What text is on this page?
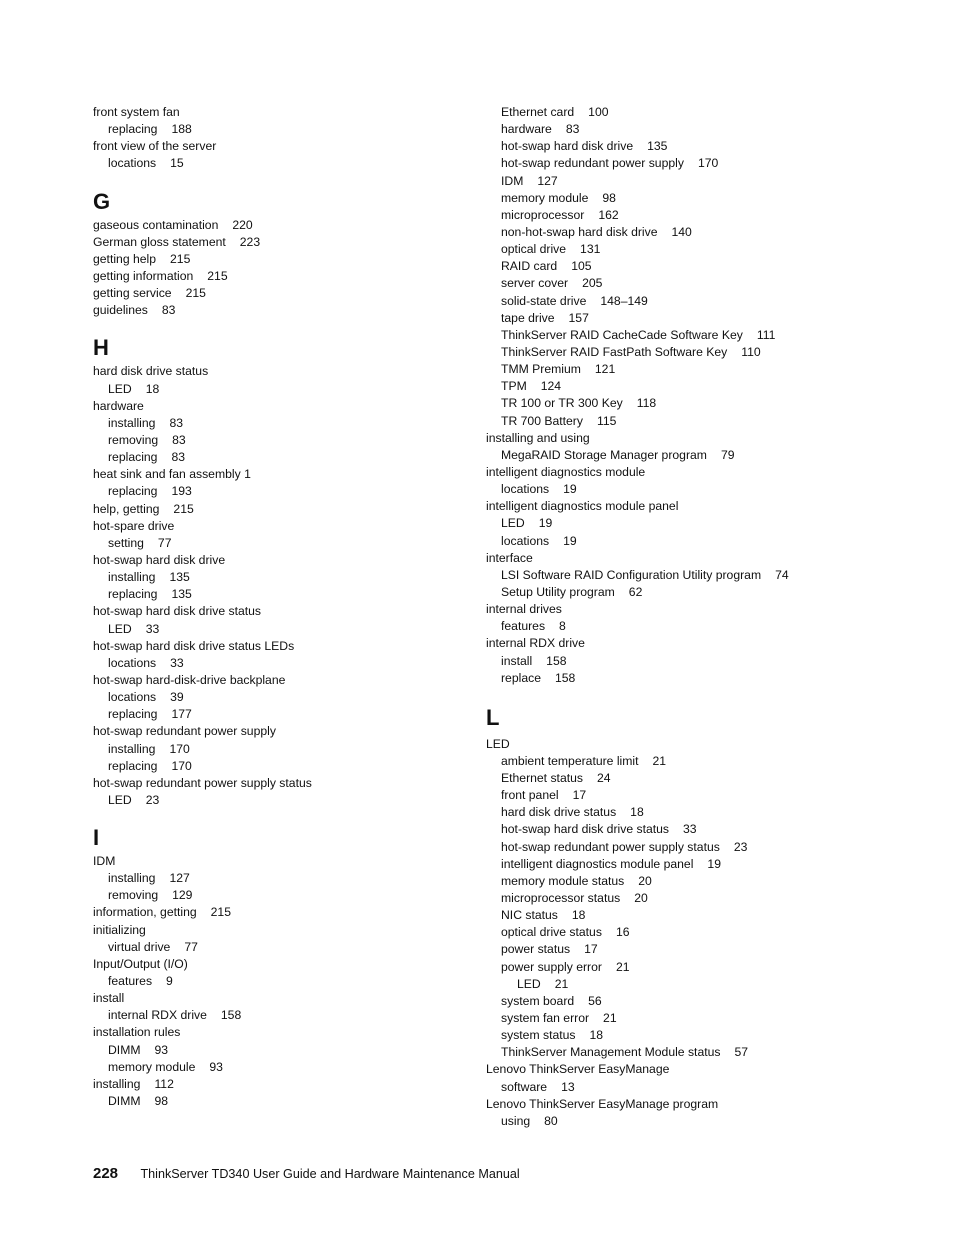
front system fan
replacing 188
front view of the server
locations 15
G
gaseous contamination 220
German gloss statement 223
getting help 215
getting information 215
getting service 215
guidelines 83
H
hard disk drive status
LED 18
hardware
installing 83
removing 83
replacing 83
heat sink and fan assembly 1
replacing 193
help, getting 215
hot-spare drive
setting 77
hot-swap hard disk drive
installing 135
replacing 135
hot-swap hard disk drive status
LED 33
hot-swap hard disk drive status LEDs
locations 33
hot-swap hard-disk-drive backplane
locations 39
replacing 177
hot-swap redundant power supply
installing 170
replacing 170
hot-swap redundant power supply status
LED 23
I
IDM
installing 127
removing 129
information, getting 215
initializing
virtual drive 77
Input/Output (I/O)
features 9
install
internal RDX drive 158
installation rules
DIMM 93
memory module 93
installing 112
DIMM 98
Ethernet card 100
hardware 83
hot-swap hard disk drive 135
hot-swap redundant power supply 170
IDM 127
memory module 98
microprocessor 162
non-hot-swap hard disk drive 140
optical drive 131
RAID card 105
server cover 205
solid-state drive 148–149
tape drive 157
ThinkServer RAID CacheCade Software Key 111
ThinkServer RAID FastPath Software Key 110
TMM Premium 121
TPM 124
TR 100 or TR 300 Key 118
TR 700 Battery 115
installing and using
MegaRAID Storage Manager program 79
intelligent diagnostics module
locations 19
intelligent diagnostics module panel
LED 19
locations 19
interface
LSI Software RAID Configuration Utility program 74
Setup Utility program 62
internal drives
features 8
internal RDX drive
install 158
replace 158
L
LED
ambient temperature limit 21
Ethernet status 24
front panel 17
hard disk drive status 18
hot-swap hard disk drive status 33
hot-swap redundant power supply status 23
intelligent diagnostics module panel 19
memory module status 20
microprocessor status 20
NIC status 18
optical drive status 16
power status 17
power supply error 21
LED 21
system board 56
system fan error 21
system status 18
ThinkServer Management Module status 57
Lenovo ThinkServer EasyManage
software 13
Lenovo ThinkServer EasyManage program
using 80
228 ThinkServer TD340 User Guide and Hardware Maintenance Manual
